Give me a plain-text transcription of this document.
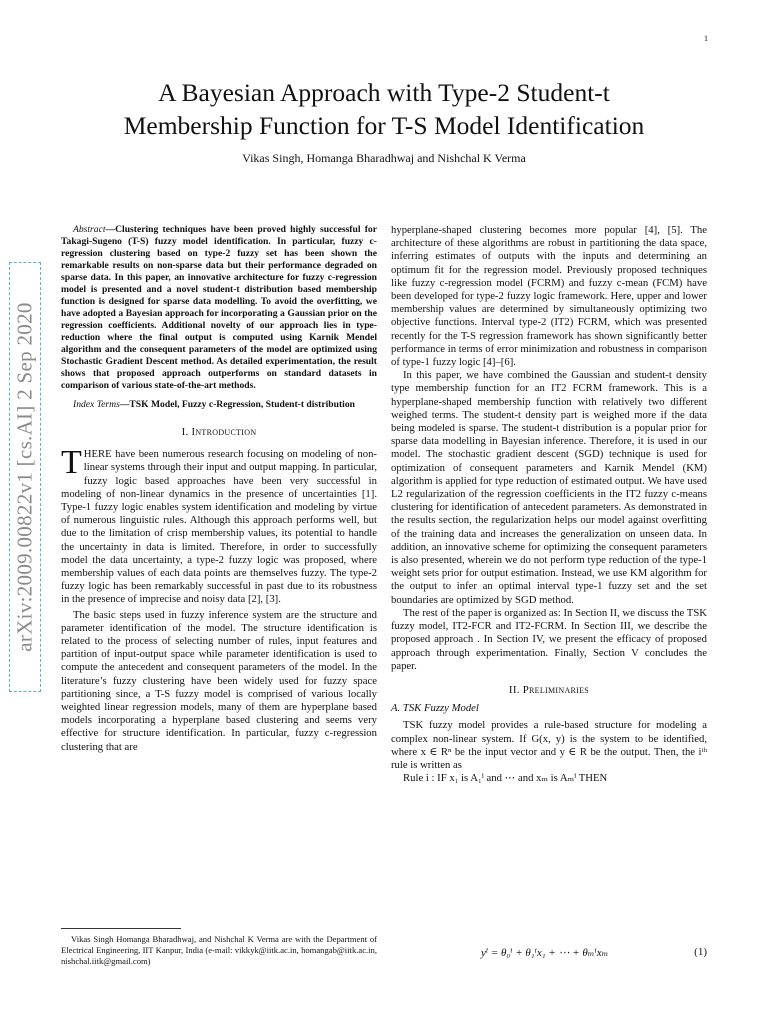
1
A Bayesian Approach with Type-2 Student-t
Membership Function for T-S Model Identification
Vikas Singh, Homanga Bharadhwaj and Nishchal K Verma
arXiv:2009.00822v1 [cs.AI] 2 Sep 2020
Abstract—Clustering techniques have been proved highly successful for Takagi-Sugeno (T-S) fuzzy model identification. In particular, fuzzy c-regression clustering based on type-2 fuzzy set has been shown the remarkable results on non-sparse data but their performance degraded on sparse data. In this paper, an innovative architecture for fuzzy c-regression model is presented and a novel student-t distribution based membership function is designed for sparse data modelling. To avoid the overfitting, we have adopted a Bayesian approach for incorporating a Gaussian prior on the regression coefficients. Additional novelty of our approach lies in type-reduction where the final output is computed using Karnik Mendel algorithm and the consequent parameters of the model are optimized using Stochastic Gradient Descent method. As detailed experimentation, the result shows that proposed approach outperforms on standard datasets in comparison of various state-of-the-art methods.
Index Terms—TSK Model, Fuzzy c-Regression, Student-t distribution
I. Introduction

THERE have been numerous research focusing on modeling of non-linear systems through their input and output mapping. In particular, fuzzy logic based approaches have been very successful in modeling of non-linear dynamics in the presence of uncertainties [1]. Type-1 fuzzy logic enables system identification and modeling by virtue of numerous linguistic rules. Although this approach performs well, but due to the limitation of crisp membership values, its potential to handle the uncertainty in data is limited. Therefore, in order to successfully model the data uncertainty, a type-2 fuzzy logic was proposed, where membership values of each data points are themselves fuzzy. The type-2 fuzzy logic has been remarkably successful in past due to its robustness in the presence of imprecise and noisy data [2], [3].

The basic steps used in fuzzy inference system are the structure and parameter identification of the model. The structure identification is related to the process of selecting number of rules, input features and partition of input-output space while parameter identification is used to compute the antecedent and consequent parameters of the model. In the literature’s fuzzy clustering have been widely used for fuzzy space partitioning since, a T-S fuzzy model is comprised of various locally weighted linear regression models, many of them are hyperplane based models incorporating a hyperplane based clustering and seems very effective for structure identification. In particular, fuzzy c-regression clustering that are

Vikas Singh Homanga Bharadhwaj, and Nishchal K Verma are with the Department of Electrical Engineering, IIT Kanpur, India (e-mail: vikkyk@iitk.ac.in, homangab@iitk.ac.in, nishchal.iitk@gmail.com)

hyperplane-shaped clustering becomes more popular [4], [5]. The architecture of these algorithms are robust in partitioning the data space, inferring estimates of outputs with the inputs and determining an optimum fit for the regression model. Previously proposed techniques like fuzzy c-regression model (FCRM) and fuzzy c-mean (FCM) have been developed for type-2 fuzzy logic framework. Here, upper and lower membership values are determined by simultaneously optimizing two objective functions. Interval type-2 (IT2) FCRM, which was presented recently for the T-S regression framework has shown significantly better performance in terms of error minimization and robustness in comparison of type-1 fuzzy logic [4]–[6].

In this paper, we have combined the Gaussian and student-t density type membership function for an IT2 FCRM framework. This is a hyperplane-shaped membership function with relatively two different weighed terms. The student-t density part is weighed more if the data being modeled is sparse. The student-t distribution is a popular prior for sparse data modelling in Bayesian inference. Therefore, it is used in our model. The stochastic gradient descent (SGD) technique is used for optimization of consequent parameters and Karnik Mendel (KM) algorithm is applied for type reduction of estimated output. We have used L2 regularization of the regression coefficients in the IT2 fuzzy c-means clustering for identification of antecedent parameters. As demonstrated in the results section, the regularization helps our model against overfitting of the training data and increases the generalization on unseen data. In addition, an innovative scheme for optimizing the consequent parameters is also presented, wherein we do not perform type reduction of the type-1 weight sets prior for output estimation. Instead, we use KM algorithm for the output to infer an optimal interval type-1 fuzzy set and the set boundaries are optimized by SGD method.

The rest of the paper is organized as: In Section II, we discuss the TSK fuzzy model, IT2-FCR and IT2-FCRM. In Section III, we describe the proposed approach . In Section IV, we present the efficacy of proposed approach through experimentation. Finally, Section V concludes the paper.

II. Preliminaries
A. TSK Fuzzy Model

TSK fuzzy model provides a rule-based structure for modeling a complex non-linear system. If G(x, y) is the system to be identified, where x ∈ Rⁿ be the input vector and y ∈ R be the output. Then, the iᵗʰ rule is written as

Rule i : IF x₁ is A₁ⁱ and ⋯ and xₘ is Aₘⁱ THEN

yⁱ = θ₀ⁱ + θ₁ⁱx₁ + ⋯ + θₘⁱxₘ	(1)
